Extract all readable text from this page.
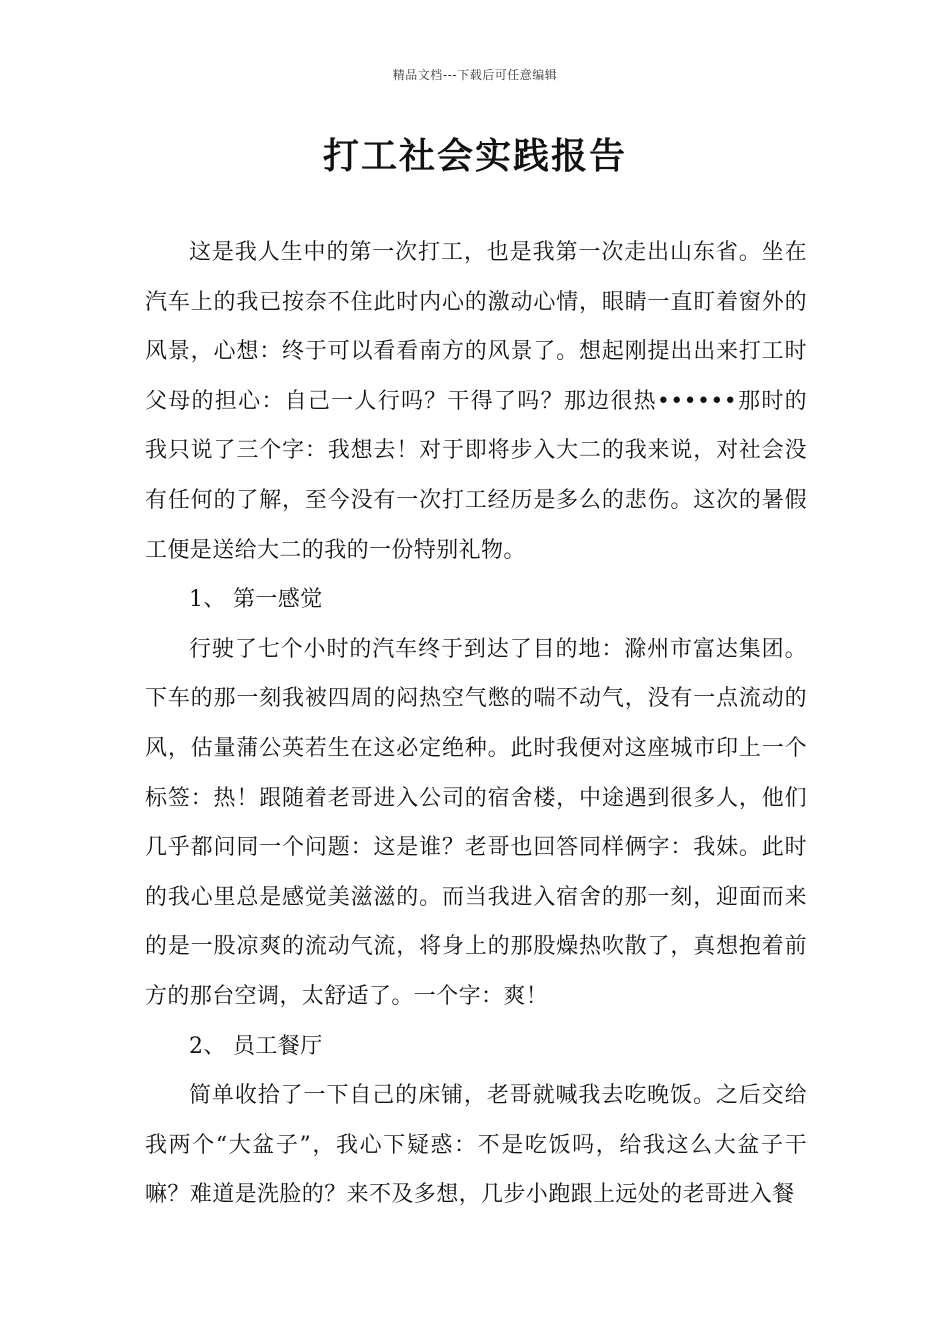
精品文档---下载后可任意编辑
打工社会实践报告

这是我人生中的第一次打工，也是我第一次走出山东省。坐在汽车上的我已按奈不住此时内心的激动心情，眼睛一直盯着窗外的风景，心想：终于可以看看南方的风景了。想起刚提出出来打工时父母的担心：自己一人行吗？干得了吗？那边很热••••••那时的我只说了三个字：我想去！对于即将步入大二的我来说，对社会没有任何的了解，至今没有一次打工经历是多么的悲伤。这次的暑假工便是送给大二的我的一份特别礼物。

1、 第一感觉

行驶了七个小时的汽车终于到达了目的地：滁州市富达集团。下车的那一刻我被四周的闷热空气憋的喘不动气，没有一点流动的风，估量蒲公英若生在这必定绝种。此时我便对这座城市印上一个标签：热！跟随着老哥进入公司的宿舍楼，中途遇到很多人，他们几乎都问同一个问题：这是谁？老哥也回答同样俩字：我妹。此时的我心里总是感觉美滋滋的。而当我进入宿舍的那一刻，迎面而来的是一股凉爽的流动气流，将身上的那股燥热吹散了，真想抱着前方的那台空调，太舒适了。一个字：爽！

2、 员工餐厅

简单收拾了一下自己的床铺，老哥就喊我去吃晚饭。之后交给我两个“大盆子”，我心下疑惑：不是吃饭吗，给我这么大盆子干嘛？难道是洗脸的？来不及多想，几步小跑跟上远处的老哥进入餐
